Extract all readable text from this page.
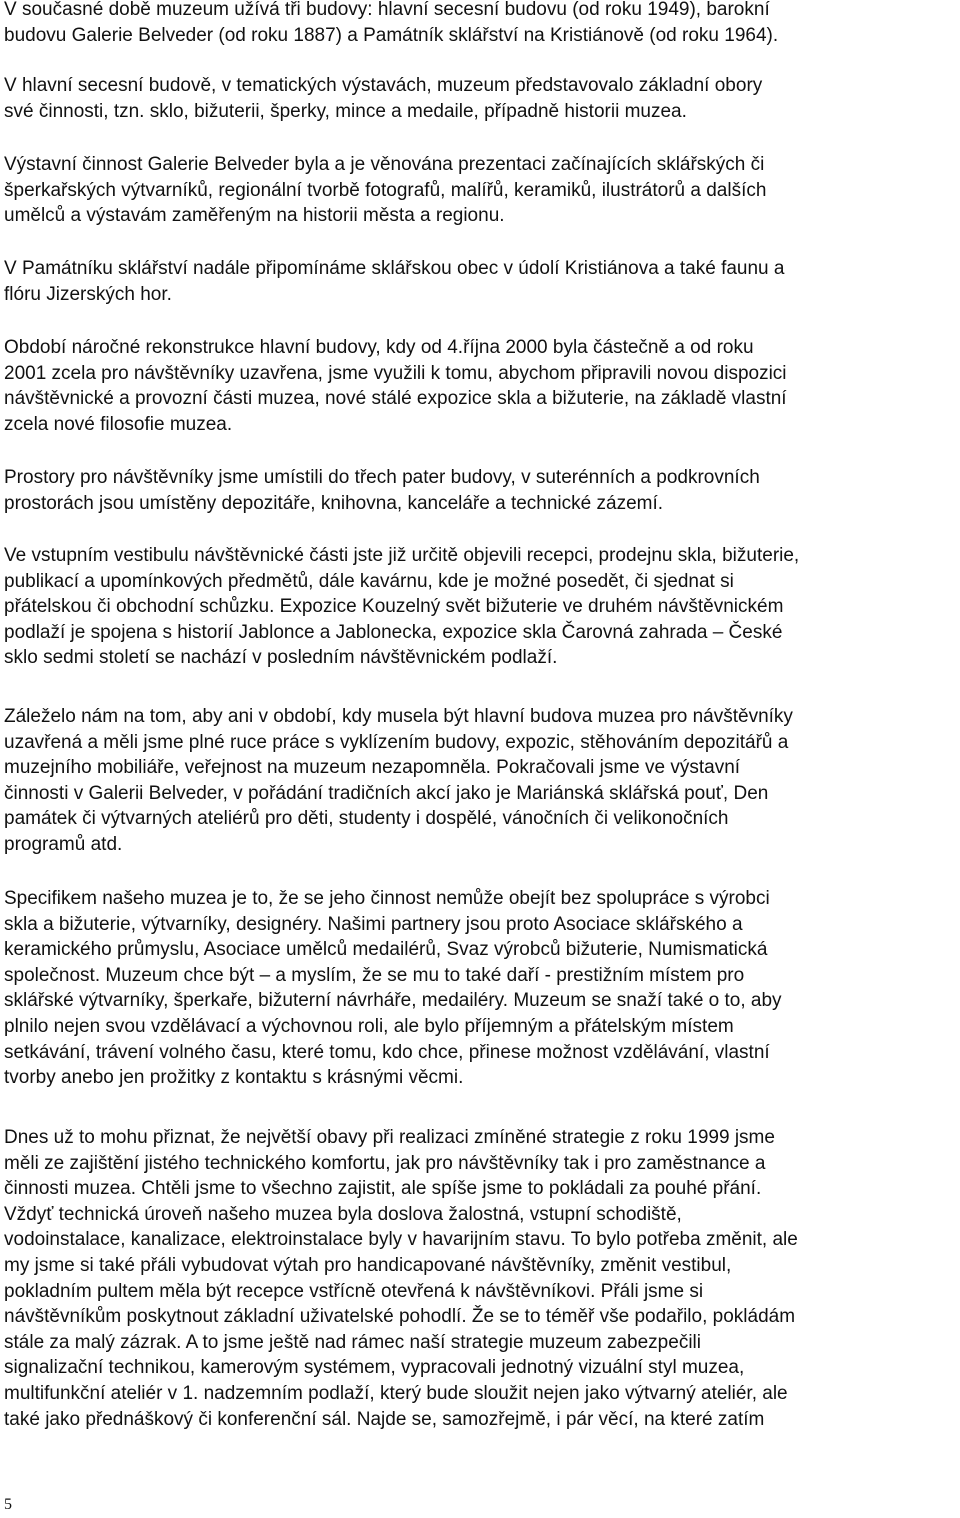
V současné době muzeum užívá tři budovy: hlavní secesní budovu (od roku 1949), barokní
budovu Galerie Belveder (od roku 1887) a Památník sklářství na Kristiánově (od roku 1964).

V hlavní secesní budově, v tematických výstavách, muzeum představovalo základní obory
své činnosti, tzn. sklo, bižuterii, šperky, mince a medaile, případně historii muzea.

Výstavní činnost Galerie Belveder byla a je věnována prezentaci začínajících sklářských či
šperkařských výtvarníků, regionální tvorbě fotografů, malířů, keramiků, ilustrátorů a dalších
umělců a výstavám zaměřeným na historii města a regionu.

V Památníku sklářství nadále připomínáme sklářskou obec v údolí Kristiánova a také faunu a
flóru Jizerských hor.

Období náročné rekonstrukce hlavní budovy, kdy od 4.října 2000 byla částečně a od roku
2001 zcela pro návštěvníky uzavřena, jsme využili k tomu, abychom připravili novou dispozici
návštěvnické a provozní části muzea, nové stálé expozice skla a bižuterie, na základě vlastní
zcela nové filosofie muzea.

Prostory pro návštěvníky jsme umístili do třech pater budovy, v suterénních a podkrovních
prostorách jsou umístěny depozitáře, knihovna, kanceláře a technické zázemí.

Ve vstupním vestibulu návštěvnické části jste již určitě objevili recepci, prodejnu skla, bižuterie,
publikací a upomínkových předmětů, dále kavárnu, kde je možné posedět, či sjednat si
přátelskou či obchodní schůzku. Expozice Kouzelný svět bižuterie ve druhém návštěvnickém
podlaží je spojena s historií Jablonce a Jablonecka, expozice skla Čarovná zahrada – České
sklo sedmi století se nachází v posledním návštěvnickém podlaží.

Záleželo nám na tom, aby ani v období, kdy musela být hlavní budova muzea pro návštěvníky
uzavřená a měli jsme plné ruce práce s vyklízením budovy, expozic, stěhováním depozitářů a
muzejního mobiliáře, veřejnost na muzeum nezapomněla. Pokračovali jsme ve výstavní
činnosti v Galerii Belveder, v pořádání tradičních akcí jako je Mariánská sklářská pouť, Den
památek či výtvarných ateliérů pro děti, studenty i dospělé, vánočních či velikonočních
programů atd.

Specifikem našeho muzea je to, že se jeho činnost nemůže obejít bez spolupráce s výrobci
skla a bižuterie, výtvarníky, designéry. Našimi partnery jsou proto Asociace sklářského a
keramického průmyslu, Asociace umělců medailérů, Svaz výrobců bižuterie, Numismatická
společnost. Muzeum chce být – a myslím, že se mu to také daří - prestižním místem pro
sklářské výtvarníky, šperkaře, bižuterní návrháře, medailéry. Muzeum se snaží také o to, aby
plnilo nejen svou vzdělávací a výchovnou roli, ale bylo příjemným a přátelským místem
setkávání, trávení volného času, které tomu, kdo chce, přinese možnost vzdělávání, vlastní
tvorby anebo jen prožitky z kontaktu s krásnými věcmi.

Dnes už to mohu přiznat, že největší obavy při realizaci zmíněné strategie z roku 1999 jsme
měli ze zajištění jistého technického komfortu, jak pro návštěvníky tak i pro zaměstnance a
činnosti muzea. Chtěli jsme to všechno zajistit, ale spíše jsme to pokládali za pouhé přání.
Vždyť technická úroveň našeho muzea byla doslova žalostná, vstupní schodiště,
vodoinstalace, kanalizace, elektroinstalace byly v havarijním stavu. To bylo potřeba změnit, ale
my jsme si také přáli vybudovat výtah pro handicapované návštěvníky, změnit vestibul,
pokladním pultem měla být recepce vstřícně otevřená k návštěvníkovi. Přáli jsme si
návštěvníkům poskytnout základní uživatelské pohodlí. Že se to téměř vše podařilo, pokládám
stále za malý zázrak. A to jsme ještě nad rámec naší strategie muzeum zabezpečili
signalizační technikou, kamerovým systémem, vypracovali jednotný vizuální styl muzea,
multifunkční ateliér v 1. nadzemním podlaží, který bude sloužit nejen jako výtvarný ateliér, ale
také jako přednáškový či konferenční sál. Najde se, samozřejmě, i pár věcí, na které zatím

5
